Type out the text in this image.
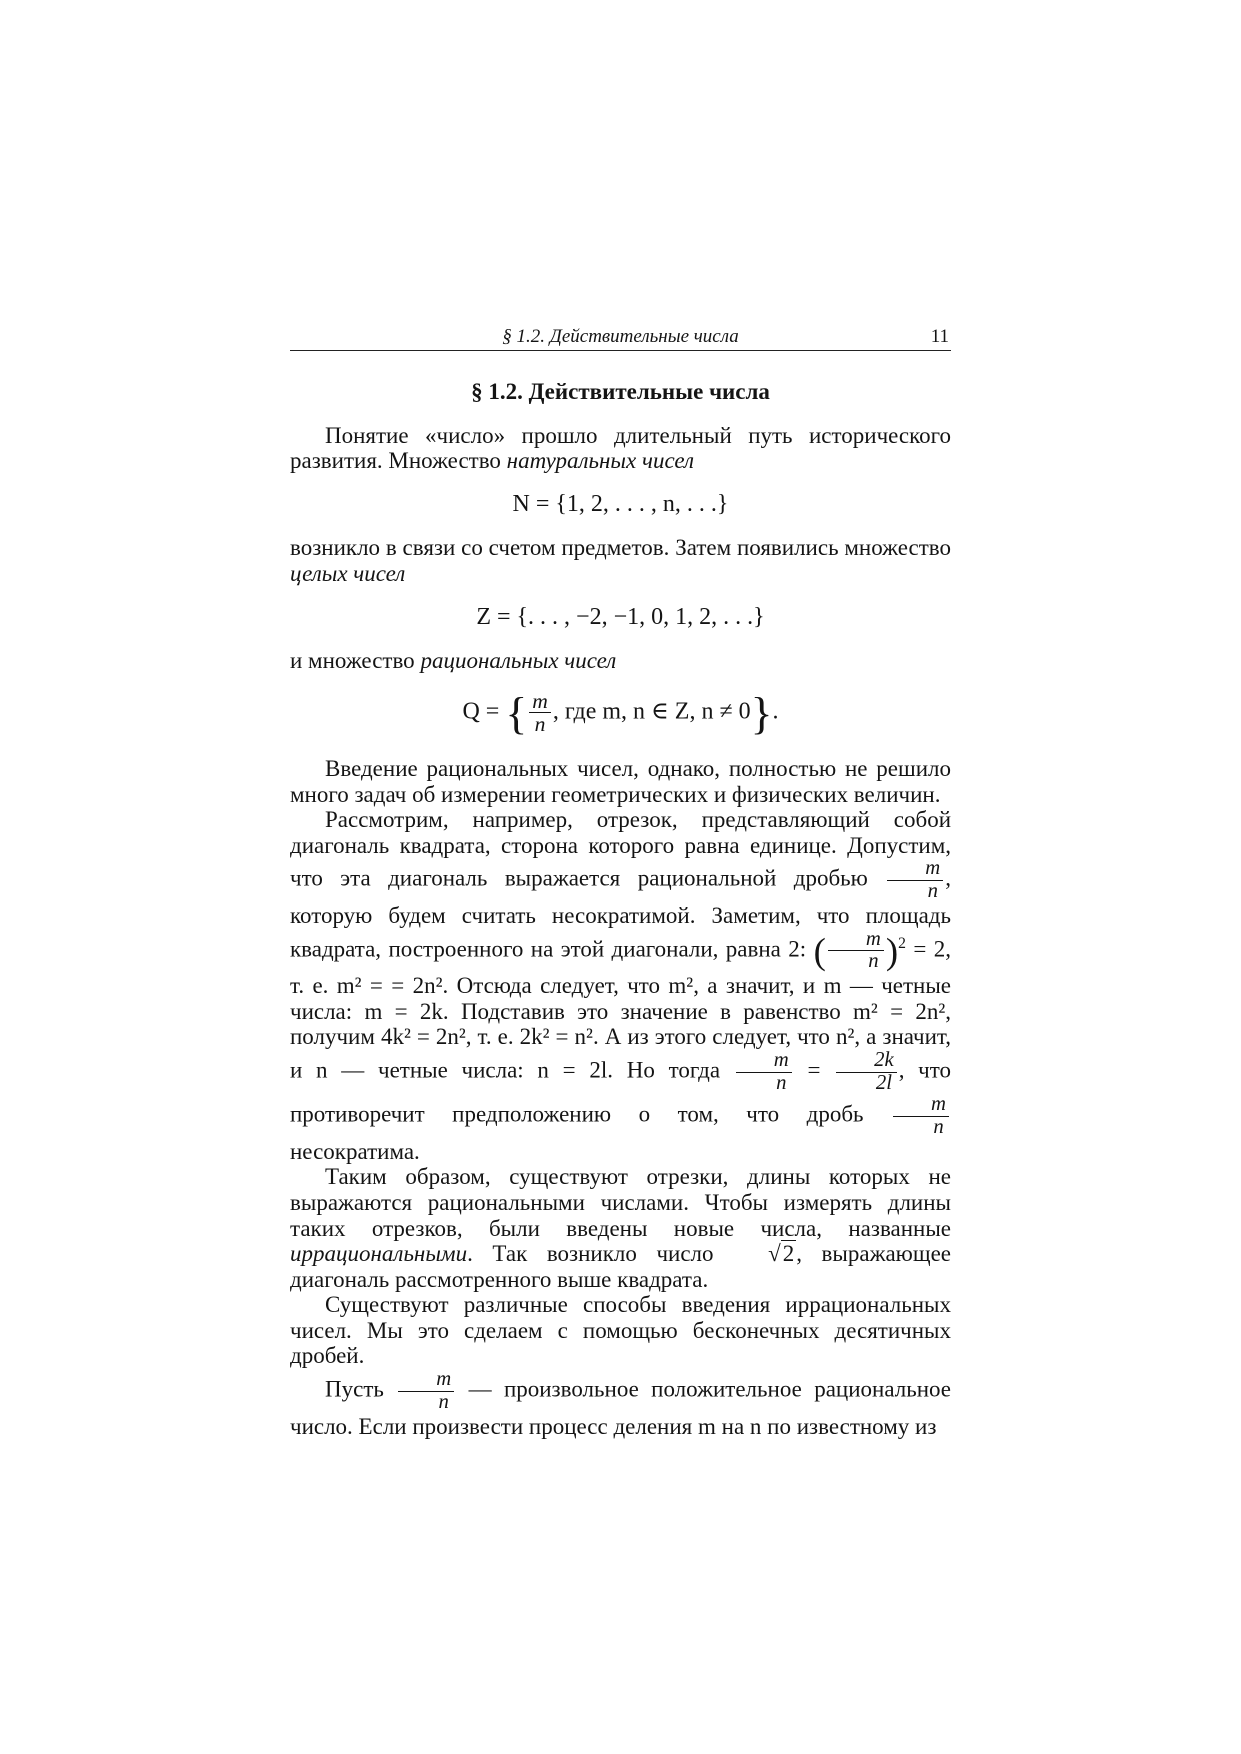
§ 1.2. Действительные числа	11
§ 1.2. Действительные числа

Понятие «число» прошло длительный путь исторического развития. Множество натуральных чисел

N = {1, 2, . . . , n, . . .}

возникло в связи со счетом предметов. Затем появились множество целых чисел

Z = {. . . , −2, −1, 0, 1, 2, . . .}

и множество рациональных чисел

Q = { $\frac{m}{n}$ , где m, n ∈ Z, n ≠ 0}.

Введение рациональных чисел, однако, полностью не решило много задач об измерении геометрических и физических величин.

Рассмотрим, например, отрезок, представляющий собой диагональ квадрата, сторона которого равна единице. Допустим, что эта диагональ выражается рациональной дробью $\frac{m}{n}$ , которую будем считать несократимой. Заметим, что площадь квадрата, построенного на этой диагонали, равна 2: ( $\frac{m}{n} )^2 = 2$, т. е. m² = = 2n². Отсюда следует, что m², а значит, и m — четные числа: m = 2k. Подставив это значение в равенство m² = 2n², получим 4k² = 2n², т. е. 2k² = n². А из этого следует, что n², а значит, и n — четные числа: n = 2l. Но тогда $\frac{m}{n} = \frac{2k}{2l}$ , что противоречит предположению о том, что дробь $\frac{m}{n}$
несократима.

Таким образом, существуют отрезки, длины которых не выражаются рациональными числами. Чтобы измерять длины таких отрезков, были введены новые числа, названные иррациональными. Так возникло число √2, выражающее диагональ рассмотренного выше квадрата.

Существуют различные способы введения иррациональных чисел. Мы это сделаем с помощью бесконечных десятичных дробей.

Пусть $\frac{m}{n}$ — произвольное положительное рациональное число. Если произвести процесс деления m на n по известному из
